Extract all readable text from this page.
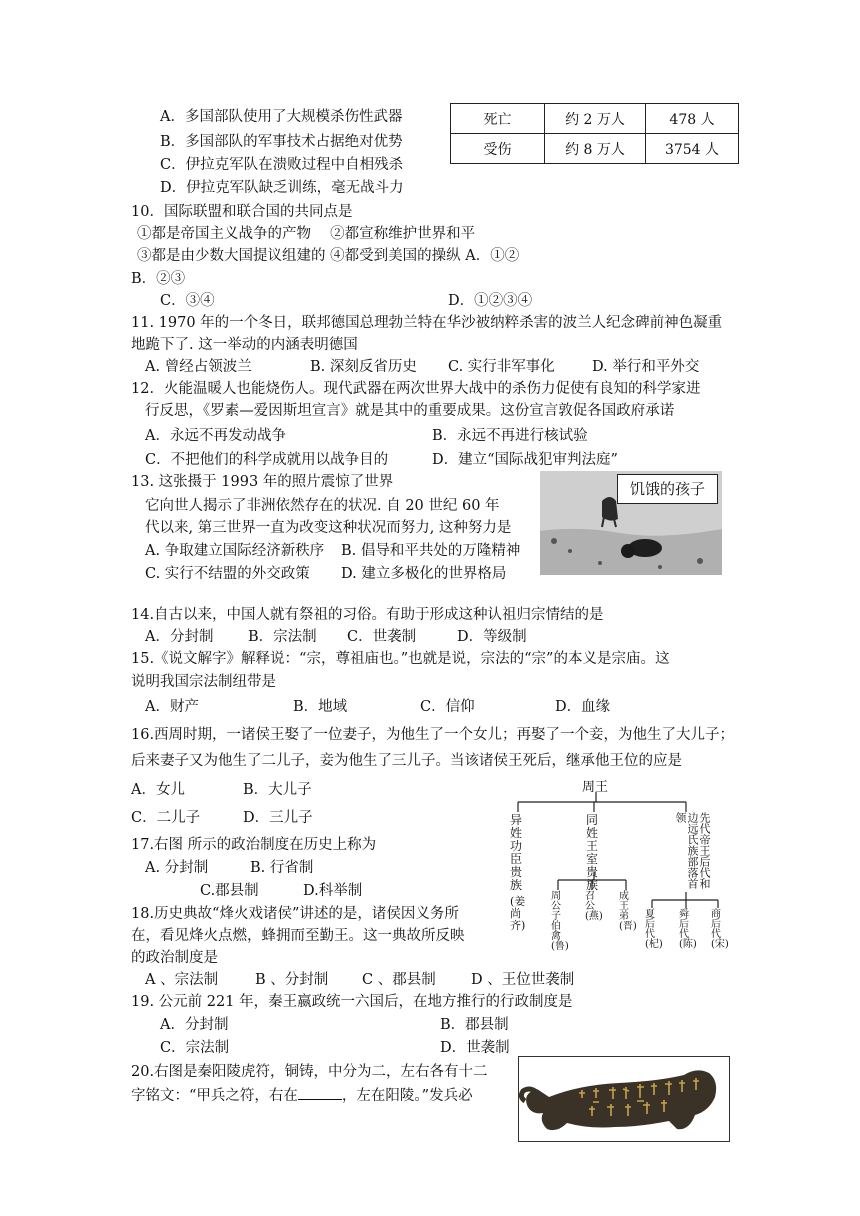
A．多国部队使用了大规模杀伤性武器
B．多国部队的军事技术占据绝对优势
C．伊拉克军队在溃败过程中自相残杀
D．伊拉克军队缺乏训练，毫无战斗力
死亡	约 2 万人	478 人
受伤	约 8 万人	3754 人
10．国际联盟和联合国的共同点是
①都是帝国主义战争的产物　 ②都宣称维护世界和平
③都是由少数大国提议组建的 ④都受到美国的操纵 A．①②
B．②③
C．③④	D．①②③④
11. 1970 年的一个冬日，联邦德国总理勃兰特在华沙被纳粹杀害的波兰人纪念碑前神色凝重
地跪下了. 这一举动的内涵表明德国
A. 曾经占领波兰	B. 深刻反省历史 C. 实行非军事化	D. 举行和平外交
12．火能温暖人也能烧伤人。现代武器在两次世界大战中的杀伤力促使有良知的科学家进
行反思，《罗素—爱因斯坦宣言》就是其中的重要成果。这份宣言敦促各国政府承诺
A．永远不再发动战争	B．永远不再进行核试验
C．不把他们的科学成就用以战争目的	D．建立“国际战犯审判法庭”
13. 这张摄于 1993 年的照片震惊了世界
它向世人揭示了非洲依然存在的状况. 自 20 世纪 60 年
代以来, 第三世界一直为改变这种状况而努力, 这种努力是
A. 争取建立国际经济新秩序 B. 倡导和平共处的万隆精神
C. 实行不结盟的外交政策 D. 建立多极化的世界格局
饥饿的孩子
14.自古以来，中国人就有祭祖的习俗。有助于形成这种认祖归宗情结的是
A．分封制 B．宗法制 C．世袭制	D．等级制
15.《说文解字》解释说：“宗，尊祖庙也。”也就是说，宗法的“宗”的本义是宗庙。这
说明我国宗法制纽带是
A．财产	B．地域	C．信仰	D．血缘
16.西周时期，一诸侯王娶了一位妻子，为他生了一个女儿；再娶了一个妾，为他生了大儿子；
后来妻子又为他生了二儿子，妾为他生了三儿子。当该诸侯王死后，继承他王位的应是
A．女儿	B．大儿子
C．二儿子	D．三儿子
17.右图 所示的政治制度在历史上称为
A. 分封制	B. 行省制
C.郡县制	D.科举制
18.历史典故“烽火戏诸侯”讲述的是，诸侯因义务所
在，看见烽火点燃，蜂拥而至勤王。这一典故所反映
的政治制度是
A 、宗法制	B 、分封制 C 、郡县制 D 、王位世袭制
19. 公元前 221 年，秦王嬴政统一六国后，在地方推行的行政制度是
A．分封制	B．郡县制
C．宗法制	D．世袭制
20.右图是秦阳陵虎符，铜铸，中分为二，左右各有十二
字铭文：“甲兵之符，右在	，左在阳陵。”发兵必
周王
异姓功臣贵族
(姜尚齐)
同姓王室贵族	先代帝王后代和边远氏族部落首领
周公子伯禽(鲁)
召公(燕)
成王弟(晋)
夏后代(杞)
舜后代(陈)
商后代(宋)
